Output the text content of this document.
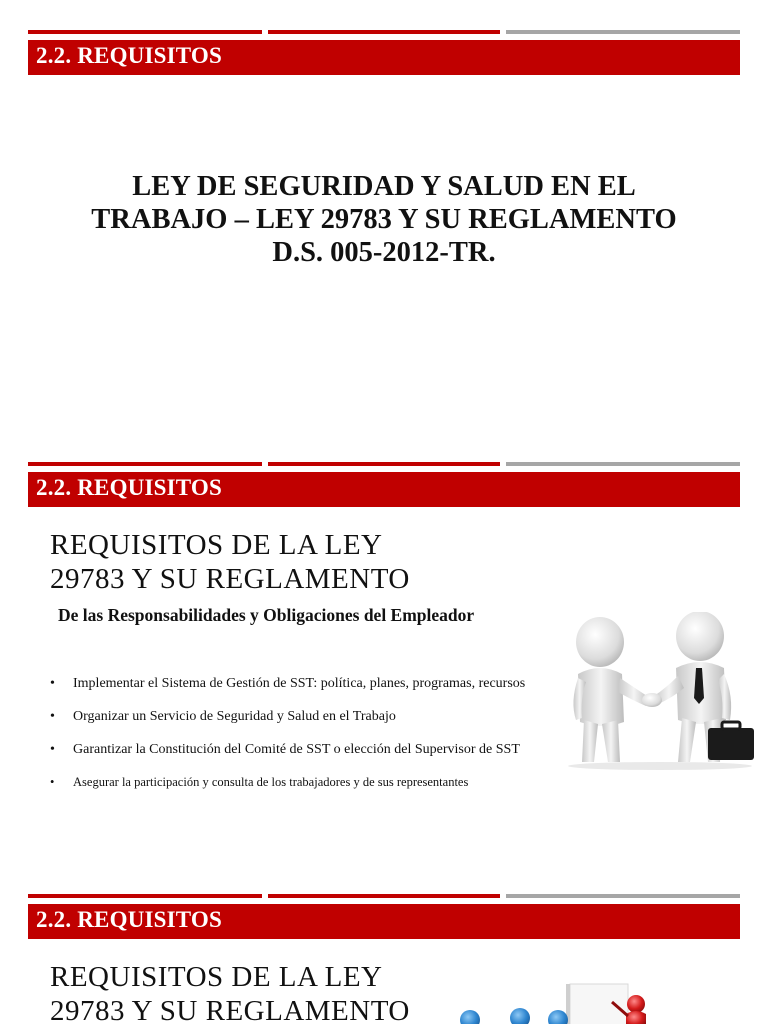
2.2. REQUISITOS
LEY DE SEGURIDAD Y SALUD EN EL
TRABAJO – LEY 29783 Y SU REGLAMENTO
D.S. 005-2012-TR.
2.2. REQUISITOS
REQUISITOS DE LA LEY
29783 Y SU REGLAMENTO
De las Responsabilidades y Obligaciones del Empleador
• Implementar el Sistema de Gestión de SST: política, planes, programas, recursos
• Organizar un Servicio de Seguridad y Salud en el Trabajo
• Garantizar la Constitución del Comité de SST o elección del Supervisor de SST
• Asegurar la participación y consulta de los trabajadores y de sus representantes
2.2. REQUISITOS
REQUISITOS DE LA LEY
29783 Y SU REGLAMENTO
